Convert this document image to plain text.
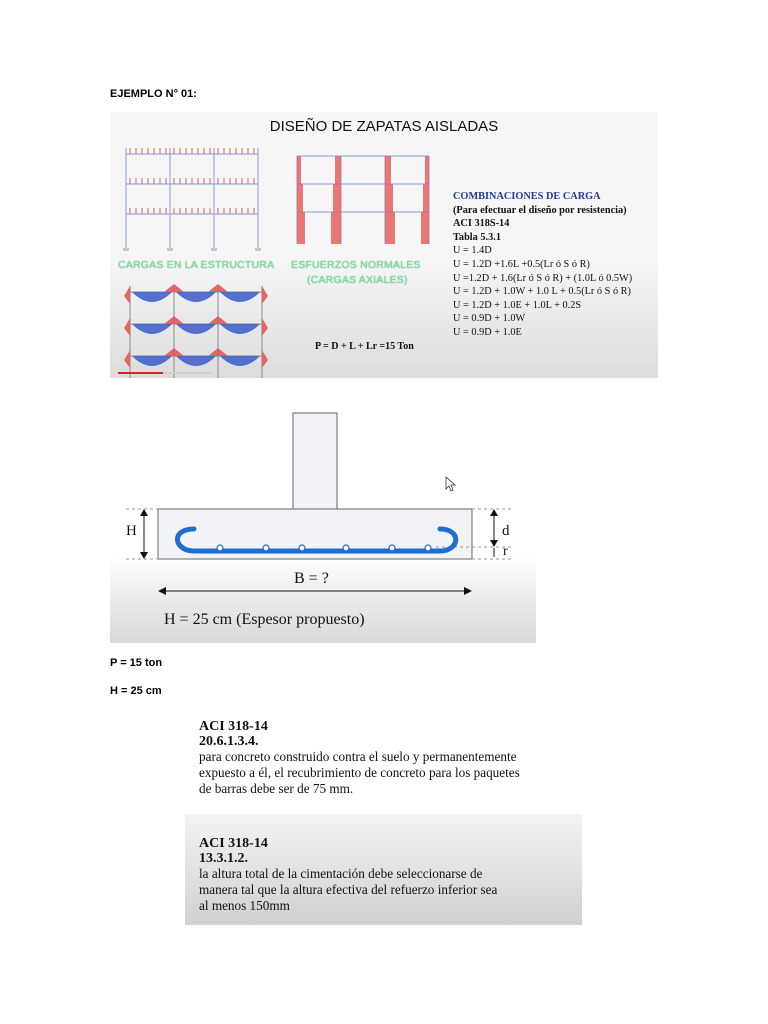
EJEMPLO N° 01:
DISEÑO DE ZAPATAS AISLADAS
CARGAS EN LA ESTRUCTURA ESFUERZOS NORMALES
(CARGAS AXIALES)
P = D + L + Lr =15 Ton
COMBINACIONES DE CARGA
(Para efectuar el diseño por resistencia)
ACI 318S-14
Tabla 5.3.1
U = 1.4D
U = 1.2D +1.6L +0.5(Lr ó S ó R)
U =1.2D + 1.6(Lr ó S ó R) + (1.0L ó 0.5W)
U = 1.2D + 1.0W + 1.0 L + 0.5(Lr ó S ó R)
U = 1.2D + 1.0E + 1.0L + 0.2S
U = 0.9D + 1.0W
U = 0.9D + 1.0E
H	d
r
B = ?
H = 25 cm (Espesor propuesto)
P = 15 ton
H = 25 cm
ACI 318-14
20.6.1.3.4.
para concreto construido contra el suelo y permanentemente
expuesto a él, el recubrimiento de concreto para los paquetes
de barras debe ser de 75 mm.
ACI 318-14
13.3.1.2.
la altura total de la cimentación debe seleccionarse de
manera tal que la altura efectiva del refuerzo inferior sea
al menos 150mm
